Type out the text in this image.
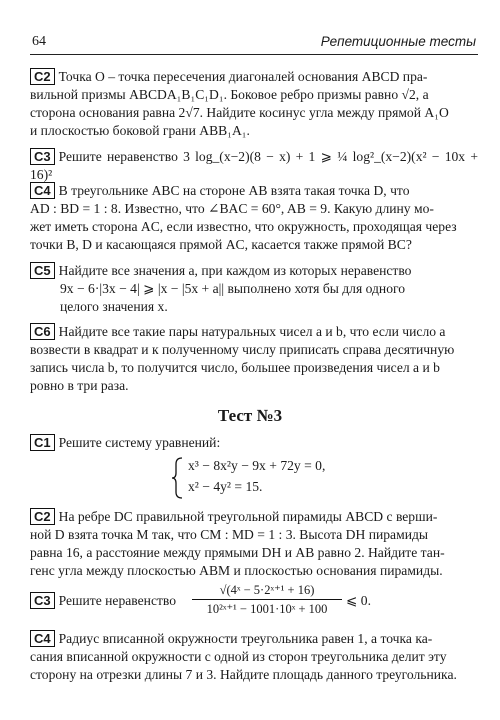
64	Репетиционные тесты
C2 Точка O – точка пересечения диагоналей основания ABCD пра-
вильной призмы ABCDA₁B₁C₁D₁. Боковое ребро призмы равно √2, а
сторона основания равна 2√7. Найдите косинус угла между прямой A₁O
и плоскостью боковой грани ABB₁A₁.
C3 Решите неравенство 3 log_(x−2)(8 − x) + 1 ⩾ ¼ log²_(x−2)(x² − 10x + 16)²
C4 В треугольнике ABC на стороне AB взята такая точка D, что
AD : BD = 1 : 8. Известно, что ∠BAC = 60°, AB = 9. Какую длину мо-
жет иметь сторона AC, если известно, что окружность, проходящая через
точки B, D и касающаяся прямой AC, касается также прямой BC?
C5 Найдите все значения a, при каждом из которых неравенство
9x − 6·|3x − 4| ⩾ |x − |5x + a|| выполнено хотя бы для одного
целого значения x.
C6 Найдите все такие пары натуральных чисел a и b, что если число a
возвести в квадрат и к полученному числу приписать справа десятичную
запись числа b, то получится число, большее произведения чисел a и b
ровно в три раза.
Тест №3
C1 Решите систему уравнений:
x³ − 8x²y − 9x + 72y = 0,
x² − 4y² = 15.
C2 На ребре DC правильной треугольной пирамиды ABCD с верши-
ной D взята точка M так, что CM : MD = 1 : 3. Высота DH пирамиды
равна 16, а расстояние между прямыми DH и AB равно 2. Найдите тан-
генс угла между плоскостью ABM и плоскостью основания пирамиды.
C3 Решите неравенство
√(4ˣ − 5·2ˣ⁺¹ + 16)
10²ˣ⁺¹ − 1001·10ˣ + 100
⩽ 0.
C4 Радиус вписанной окружности треугольника равен 1, а точка ка-
сания вписанной окружности с одной из сторон треугольника делит эту
сторону на отрезки длины 7 и 3. Найдите площадь данного треугольника.
